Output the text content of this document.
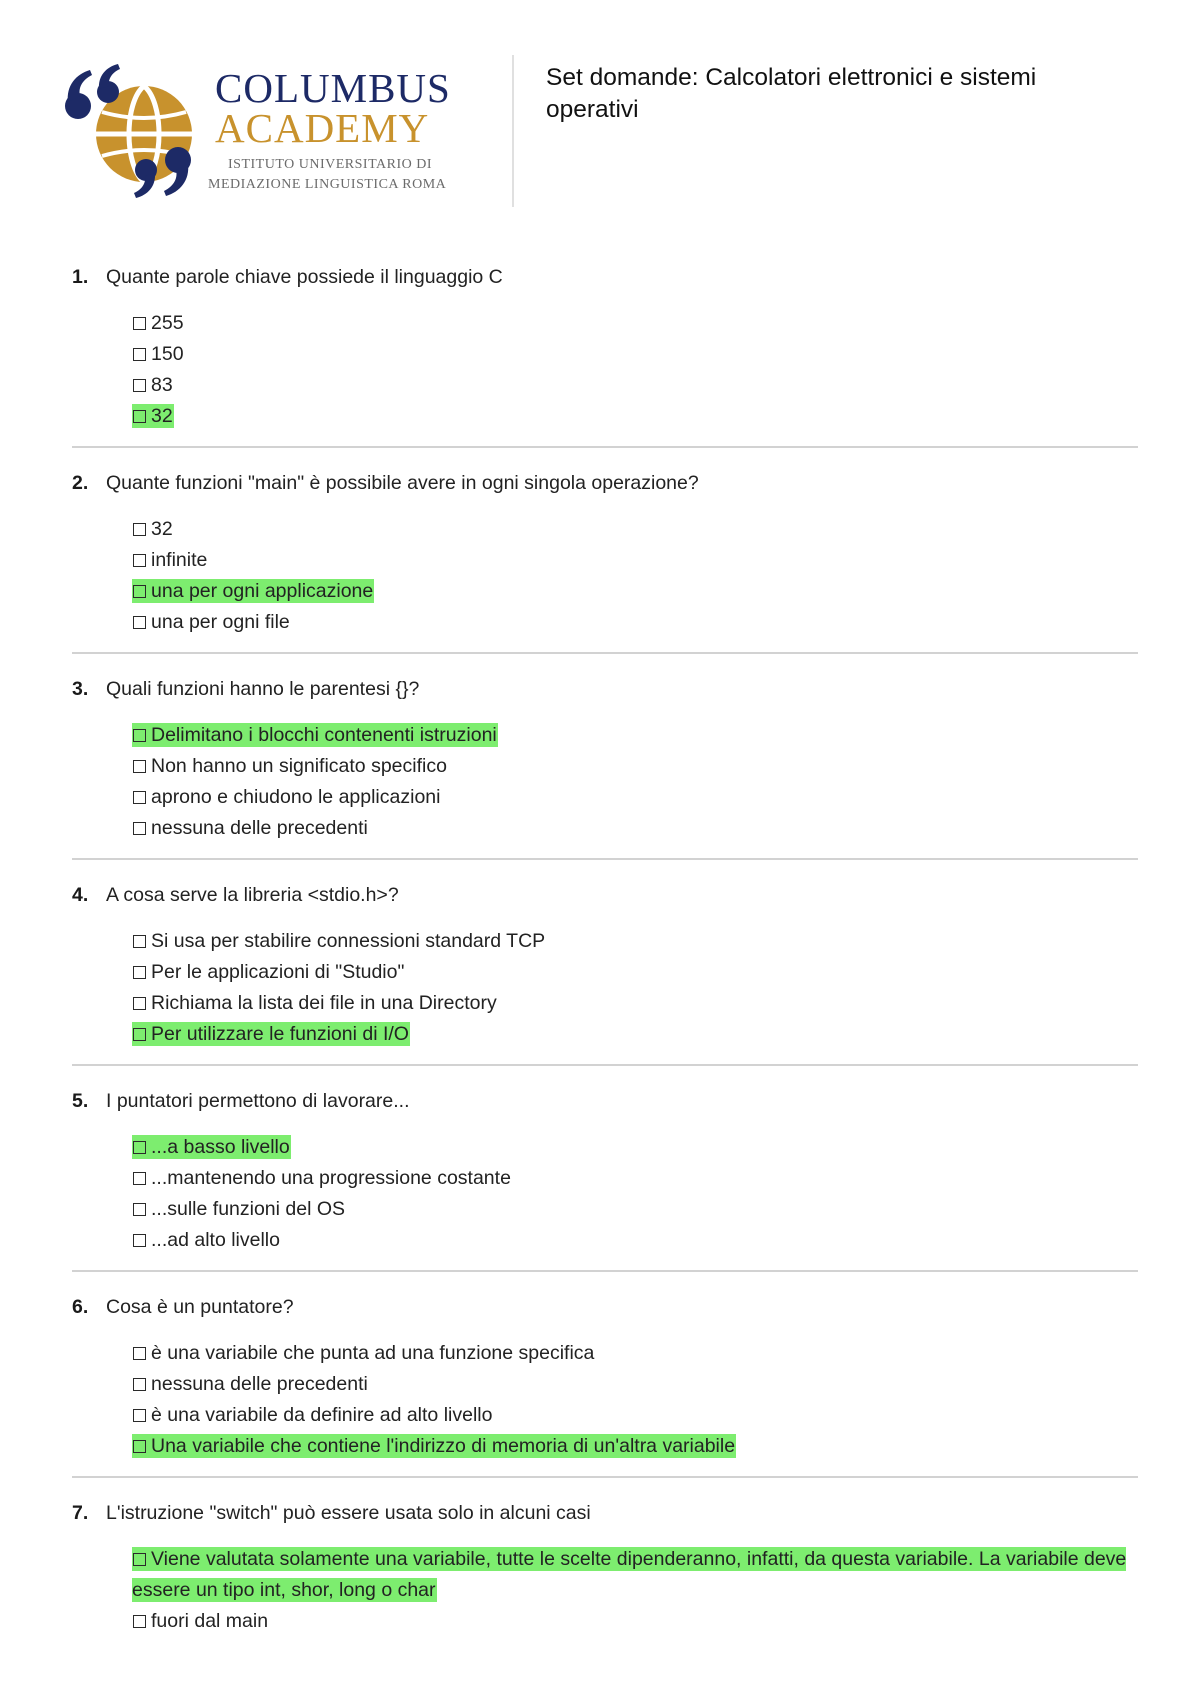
COLUMBUS
ACADEMY
ISTITUTO UNIVERSITARIO DI
MEDIAZIONE LINGUISTICA ROMA
Set domande: Calcolatori elettronici e sistemi operativi
1. Quante parole chiave possiede il linguaggio C
255
150
83
32
2. Quante funzioni "main" è possibile avere in ogni singola operazione?
32
infinite
una per ogni applicazione
una per ogni file
3. Quali funzioni hanno le parentesi {}?
Delimitano i blocchi contenenti istruzioni
Non hanno un significato specifico
aprono e chiudono le applicazioni
nessuna delle precedenti
4. A cosa serve la libreria <stdio.h>?
Si usa per stabilire connessioni standard TCP
Per le applicazioni di "Studio"
Richiama la lista dei file in una Directory
Per utilizzare le funzioni di I/O
5. I puntatori permettono di lavorare...
...a basso livello
...mantenendo una progressione costante
...sulle funzioni del OS
...ad alto livello
6. Cosa è un puntatore?
è una variabile che punta ad una funzione specifica
nessuna delle precedenti
è una variabile da definire ad alto livello
Una variabile che contiene l'indirizzo di memoria di un'altra variabile
7. L'istruzione "switch" può essere usata solo in alcuni casi
Viene valutata solamente una variabile, tutte le scelte dipenderanno, infatti, da questa variabile. La variabile deve essere un tipo int, shor, long o char
fuori dal main
